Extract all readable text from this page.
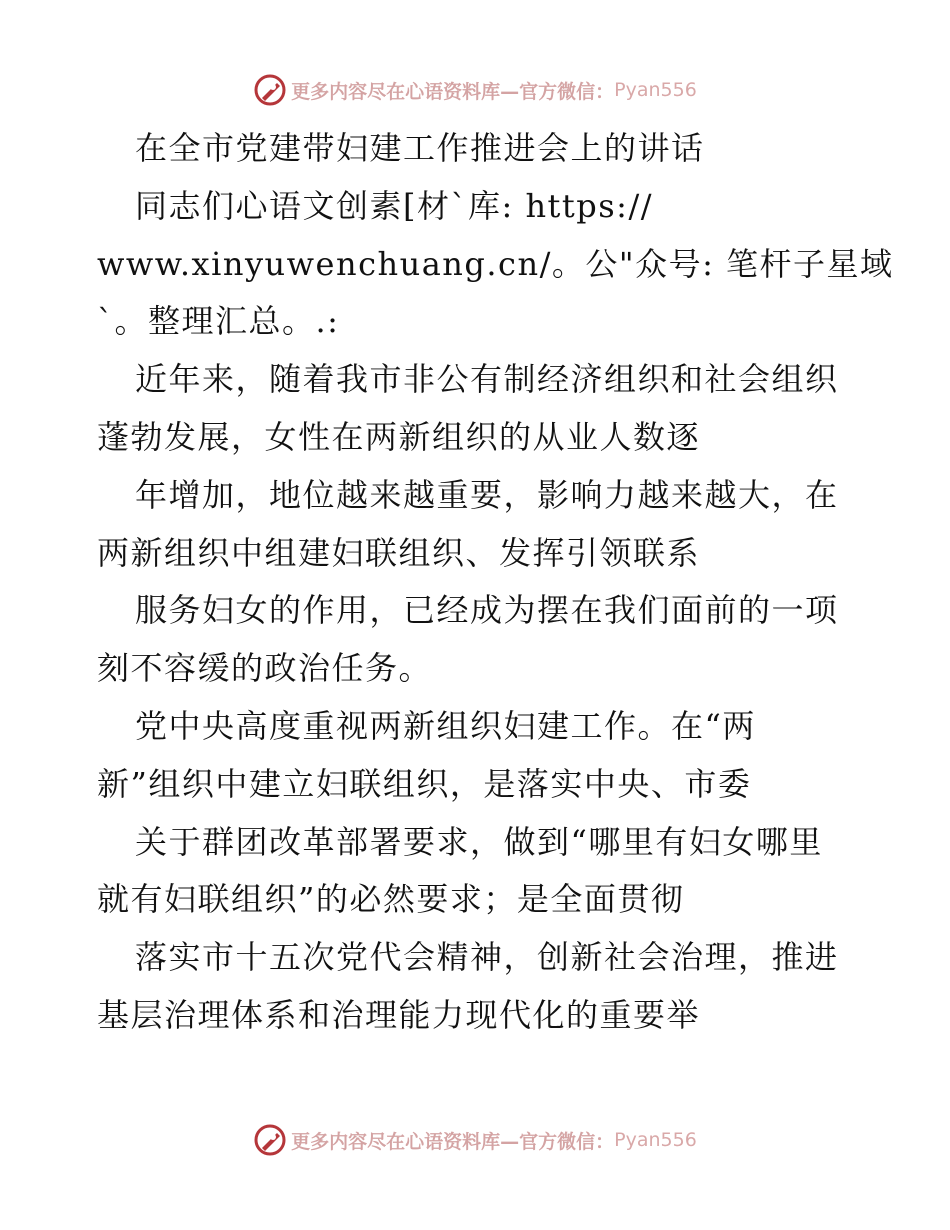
更多内容尽在心语资料库—官方微信： Pyan556
在全市党建带妇建工作推进会上的讲话
同志们心语文创素[材`库: https://
www.xinyuwenchuang.cn/。公"众号: 笔杆子星域
`。整理汇总。.:
近年来，随着我市非公有制经济组织和社会组织
蓬勃发展，女性在两新组织的从业人数逐
年增加，地位越来越重要，影响力越来越大，在
两新组织中组建妇联组织、发挥引领联系
服务妇女的作用，已经成为摆在我们面前的一项
刻不容缓的政治任务。
党中央高度重视两新组织妇建工作。在“两
新”组织中建立妇联组织，是落实中央、市委
关于群团改革部署要求，做到“哪里有妇女哪里
就有妇联组织”的必然要求；是全面贯彻
落实市十五次党代会精神，创新社会治理，推进
基层治理体系和治理能力现代化的重要举
更多内容尽在心语资料库—官方微信： Pyan556
